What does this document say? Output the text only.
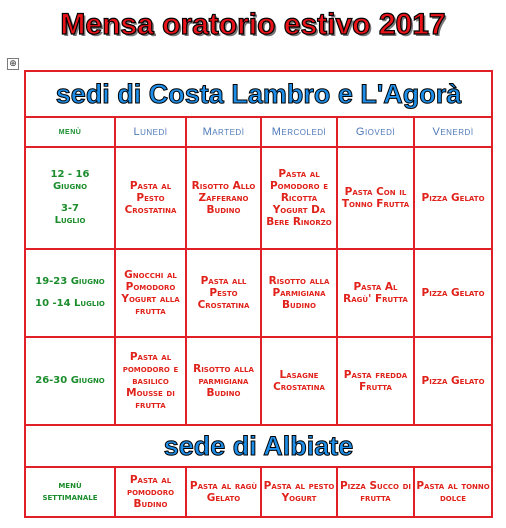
Mensa oratorio estivo 2017
⊕
sedi di Costa Lambro e L'Agorà					
menù	Lunedì	Martedì	Mercoledì	Giovedì	Venerdì

12 - 16
Giugno
3-7
Luglio	Pasta al Pesto Crostatina	Risotto Allo Zafferano Budino	Pasta al Pomodoro e Ricotta Yogurt Da Bere Rinorzo	Pasta Con il Tonno Frutta	Pizza Gelato

19-23 Giugno
10 -14 Luglio	Gnocchi al Pomodoro Yogurt alla frutta	Pasta all Pesto Crostatina	Risotto alla Parmigiana Budino	Pasta Al Ragù' Frutta	Pizza Gelato
26-30 Giugno	Pasta al pomodoro e basilico Mousse di frutta	Risotto alla parmigiana Budino	Lasagne Crostatina	Pasta fredda Frutta	Pizza Gelato
sede di Albiate					

menù
settimanale	Pasta al pomodoro Budino	Pasta al ragù Gelato	Pasta al pesto Yogurt	Pizza Succo di frutta	Pasta al tonno dolce
